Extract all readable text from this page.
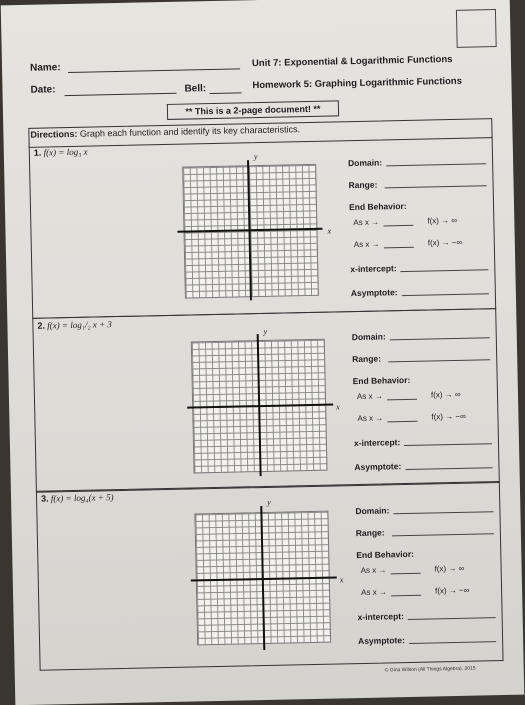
Name:
Date:	Bell:
Unit 7: Exponential & Logarithmic Functions
Homework 5: Graphing Logarithmic Functions
** This is a 2-page document! **
Directions: Graph each function and identify its key characteristics.
1. f(x) = log₃ x	y
x
Domain:
Range:
End Behavior:
As x →	f(x) → ∞
As x →	f(x) → −∞
x-intercept:
Asymptote:
2. f(x) = log₁/₂ x + 3
y
x
Domain:
Range:
End Behavior:
As x →	f(x) → ∞
As x →	f(x) → −∞
x-intercept:
Asymptote:
3. f(x) = log₄(x + 5)	y
x
Domain:
Range:
End Behavior:
As x →	f(x) → ∞
As x →	f(x) → −∞
x-intercept:
Asymptote:
© Gina Wilson (All Things Algebra), 2015
